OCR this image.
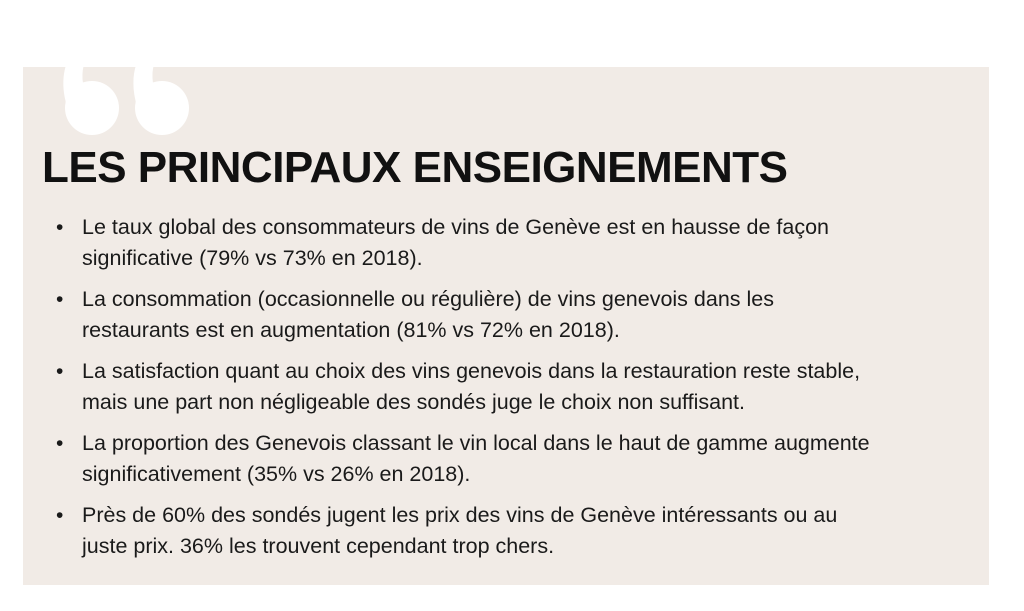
LES PRINCIPAUX ENSEIGNEMENTS
• Le taux global des consommateurs de vins de Genève est en hausse de façon
significative (79% vs 73% en 2018).
• La consommation (occasionnelle ou régulière) de vins genevois dans les
restaurants est en augmentation (81% vs 72% en 2018).
• La satisfaction quant au choix des vins genevois dans la restauration reste stable,
mais une part non négligeable des sondés juge le choix non suffisant.
• La proportion des Genevois classant le vin local dans le haut de gamme augmente
significativement (35% vs 26% en 2018).
• Près de 60% des sondés jugent les prix des vins de Genève intéressants ou au
juste prix. 36% les trouvent cependant trop chers.
